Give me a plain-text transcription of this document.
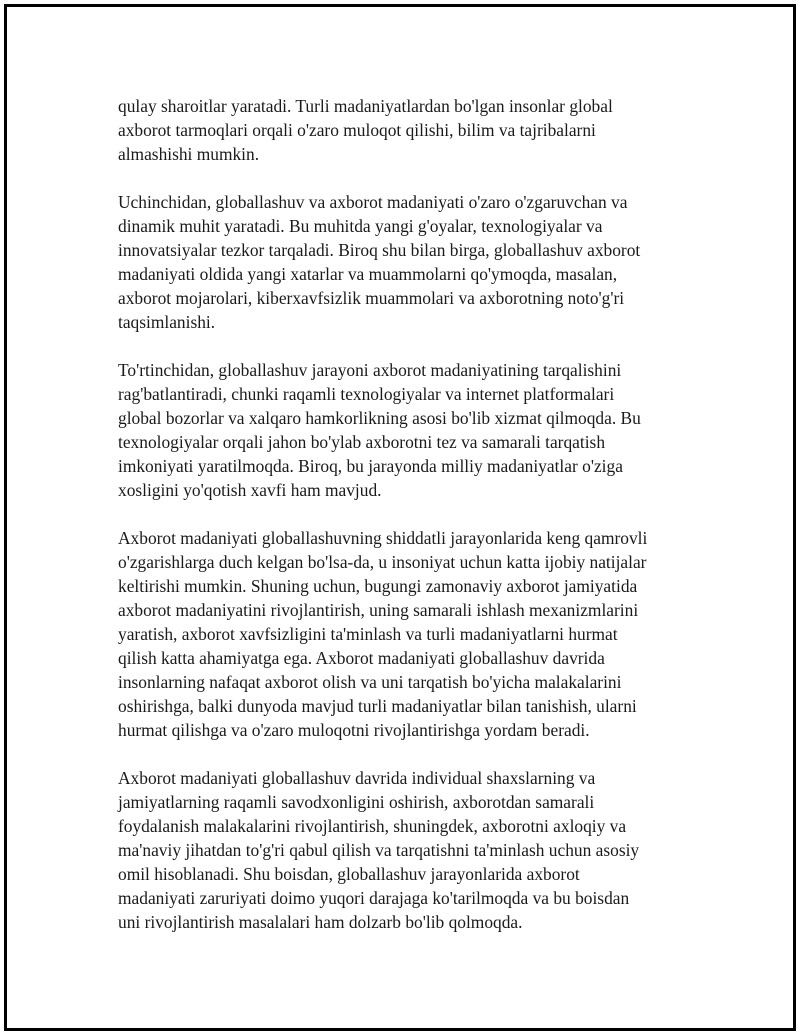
qulay sharoitlar yaratadi. Turli madaniyatlardan bo'lgan insonlar global
axborot tarmoqlari orqali o'zaro muloqot qilishi, bilim va tajribalarni
almashishi mumkin.

Uchinchidan, globallashuv va axborot madaniyati o'zaro o'zgaruvchan va
dinamik muhit yaratadi. Bu muhitda yangi g'oyalar, texnologiyalar va
innovatsiyalar tezkor tarqaladi. Biroq shu bilan birga, globallashuv axborot
madaniyati oldida yangi xatarlar va muammolarni qo'ymoqda, masalan,
axborot mojarolari, kiberxavfsizlik muammolari va axborotning noto'g'ri
taqsimlanishi.

To'rtinchidan, globallashuv jarayoni axborot madaniyatining tarqalishini
rag'batlantiradi, chunki raqamli texnologiyalar va internet platformalari
global bozorlar va xalqaro hamkorlikning asosi bo'lib xizmat qilmoqda. Bu
texnologiyalar orqali jahon bo'ylab axborotni tez va samarali tarqatish
imkoniyati yaratilmoqda. Biroq, bu jarayonda milliy madaniyatlar o'ziga
xosligini yo'qotish xavfi ham mavjud.

Axborot madaniyati globallashuvning shiddatli jarayonlarida keng qamrovli
o'zgarishlarga duch kelgan bo'lsa-da, u insoniyat uchun katta ijobiy natijalar
keltirishi mumkin. Shuning uchun, bugungi zamonaviy axborot jamiyatida
axborot madaniyatini rivojlantirish, uning samarali ishlash mexanizmlarini
yaratish, axborot xavfsizligini ta'minlash va turli madaniyatlarni hurmat
qilish katta ahamiyatga ega. Axborot madaniyati globallashuv davrida
insonlarning nafaqat axborot olish va uni tarqatish bo'yicha malakalarini
oshirishga, balki dunyoda mavjud turli madaniyatlar bilan tanishish, ularni
hurmat qilishga va o'zaro muloqotni rivojlantirishga yordam beradi.

Axborot madaniyati globallashuv davrida individual shaxslarning va
jamiyatlarning raqamli savodxonligini oshirish, axborotdan samarali
foydalanish malakalarini rivojlantirish, shuningdek, axborotni axloqiy va
ma'naviy jihatdan to'g'ri qabul qilish va tarqatishni ta'minlash uchun asosiy
omil hisoblanadi. Shu boisdan, globallashuv jarayonlarida axborot
madaniyati zaruriyati doimo yuqori darajaga ko'tarilmoqda va bu boisdan
uni rivojlantirish masalalari ham dolzarb bo'lib qolmoqda.
